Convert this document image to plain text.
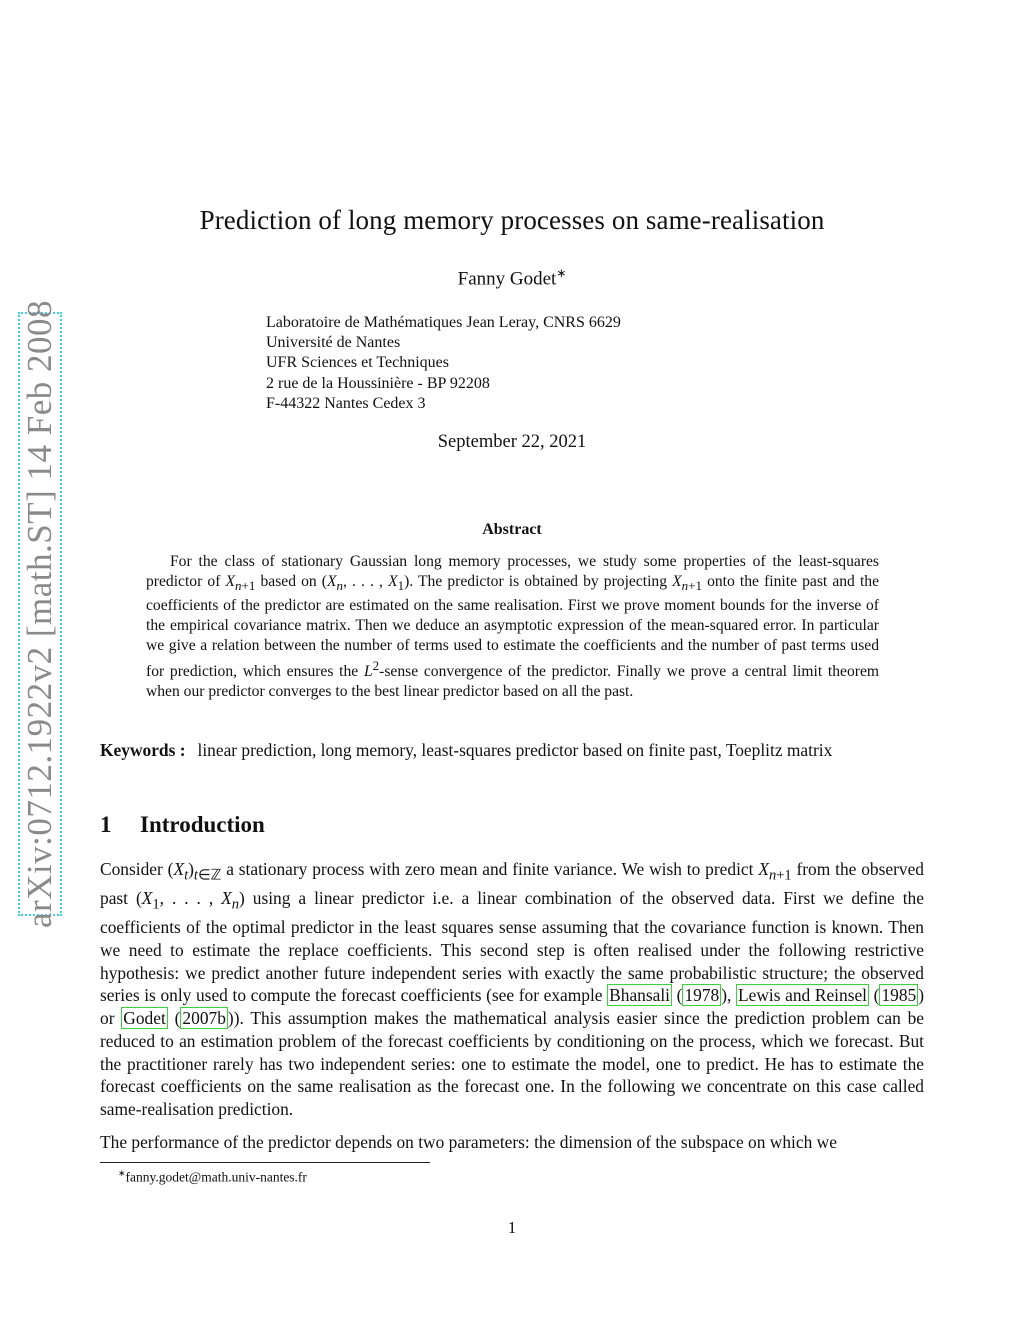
arXiv:0712.1922v2 [math.ST] 14 Feb 2008
Prediction of long memory processes on same-realisation
Fanny Godet∗
Laboratoire de Mathématiques Jean Leray, CNRS 6629
Université de Nantes
UFR Sciences et Techniques
2 rue de la Houssinière - BP 92208
F-44322 Nantes Cedex 3
September 22, 2021
Abstract

For the class of stationary Gaussian long memory processes, we study some properties of the least-squares predictor of $X_{n+1}$ based on ($X_n$, . . . , $X_1$). The predictor is obtained by projecting $X_{n+1}$ onto the finite past and the coefficients of the predictor are estimated on the same realisation. First we prove moment bounds for the inverse of the empirical covariance matrix. Then we deduce an asymptotic expression of the mean-squared error. In particular we give a relation between the number of terms used to estimate the coefficients and the number of past terms used for prediction, which ensures the $L^2$-sense convergence of the predictor. Finally we prove a central limit theorem when our predictor converges to the best linear predictor based on all the past.

Keywords : linear prediction, long memory, least-squares predictor based on finite past, Toeplitz matrix

1 Introduction

Consider $(X_t)_{t\in ℤ}$ a stationary process with zero mean and finite variance. We wish to predict $X_{n+1}$ from the observed past ($X_1$, . . . , $X_n$) using a linear predictor i.e. a linear combination of the observed data. First we define the coefficients of the optimal predictor in the least squares sense assuming that the covariance function is known. Then we need to estimate the replace coefficients. This second step is often realised under the following restrictive hypothesis: we predict another future independent series with exactly the same probabilistic structure; the observed series is only used to compute the forecast coefficients (see for example Bhansali ( 1978 ), Lewis and Reinsel ( 1985 ) or Godet ( 2007b )). This assumption makes the mathematical analysis easier since the prediction problem can be reduced to an estimation problem of the forecast coefficients by conditioning on the process, which we forecast. But the practitioner rarely has two independent series: one to estimate the model, one to predict. He has to estimate the forecast coefficients on the same realisation as the forecast one. In the following we concentrate on this case called same-realisation prediction.

The performance of the predictor depends on two parameters: the dimension of the subspace on which we

∗fanny.godet@math.univ-nantes.fr
1
